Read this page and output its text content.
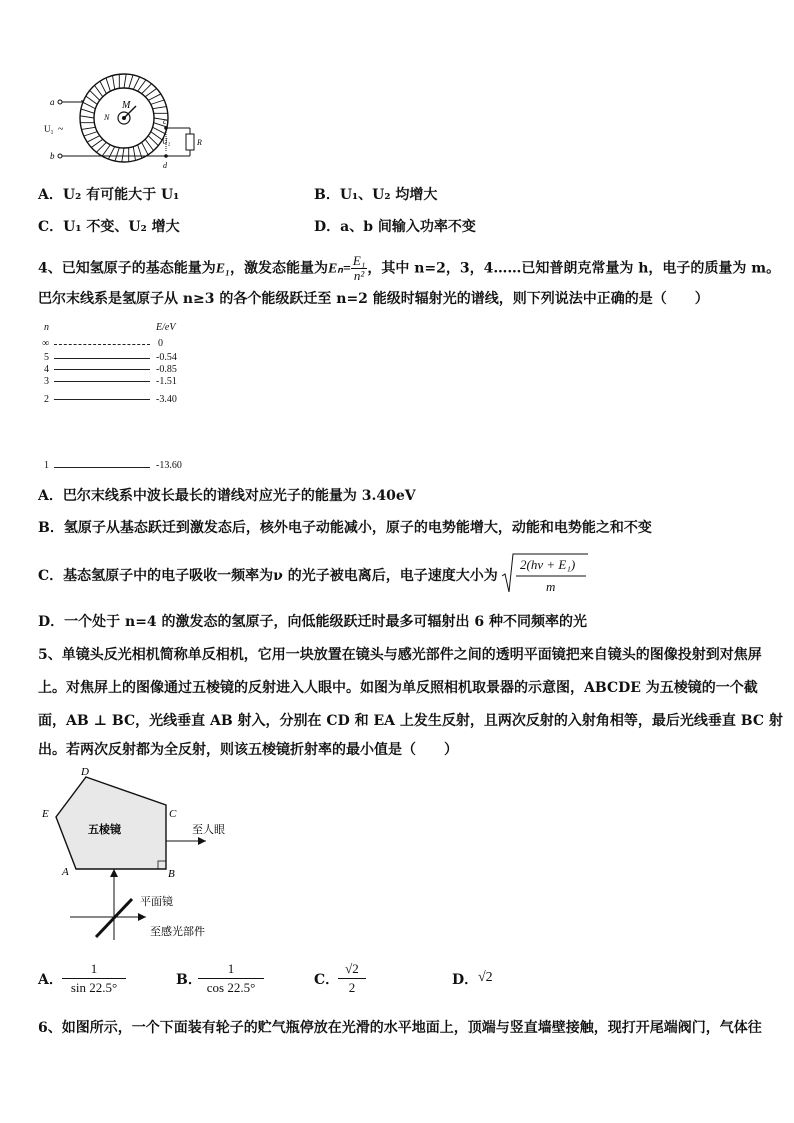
a
b
U₁ ~
M
N	c
U₂	R
d
A．U₂ 有可能大于 U₁	B．U₁、U₂ 均增大
C．U₁ 不变、U₂ 增大	D．a、b 间输入功率不变
4、已知氢原子的基态能量为E₁，激发态能量为$E_n= \frac{\text{E₁}}{\text{n²}}$ ，其中 n=2，3，4……已知普朗克常量为 h，电子的质量为 m。
巴尔末线系是氢原子从 n≥3 的各个能级跃迁至 n=2 能级时辐射光的谱线，则下列说法中正确的是（　　）
n	E/eV
∞	0
5	-0.54
4	-0.85
3	-1.51
2	-3.40
1	-13.60
A．巴尔末线系中波长最长的谱线对应光子的能量为 3.40eV
B．氢原子从基态跃迁到激发态后，核外电子动能减小，原子的电势能增大，动能和电势能之和不变
C．基态氢原子中的电子吸收一频率为ν 的光子被电离后，电子速度大小为
2(hν + E₁)
m
D．一个处于 n=4 的激发态的氢原子，向低能级跃迁时最多可辐射出 6 种不同频率的光
5、单镜头反光相机简称单反相机，它用一块放置在镜头与感光部件之间的透明平面镜把来自镜头的图像投射到对焦屏
上。对焦屏上的图像通过五棱镜的反射进入人眼中。如图为单反照相机取景器的示意图，ABCDE 为五棱镜的一个截
面，AB ⊥ BC，光线垂直 AB 射入，分别在 CD 和 EA 上发生反射，且两次反射的入射角相等，最后光线垂直 BC 射
出。若两次反射都为全反射，则该五棱镜折射率的最小值是（　　）
D
C
E
B
A
五棱镜	至人眼
平面镜
至感光部件
A．
1
sin 22.5°	B．
1
cos 22.5°	C．
√2
2	D． √2
6、如图所示，一个下面装有轮子的贮气瓶停放在光滑的水平地面上，顶端与竖直墙壁接触，现打开尾端阀门，气体往
